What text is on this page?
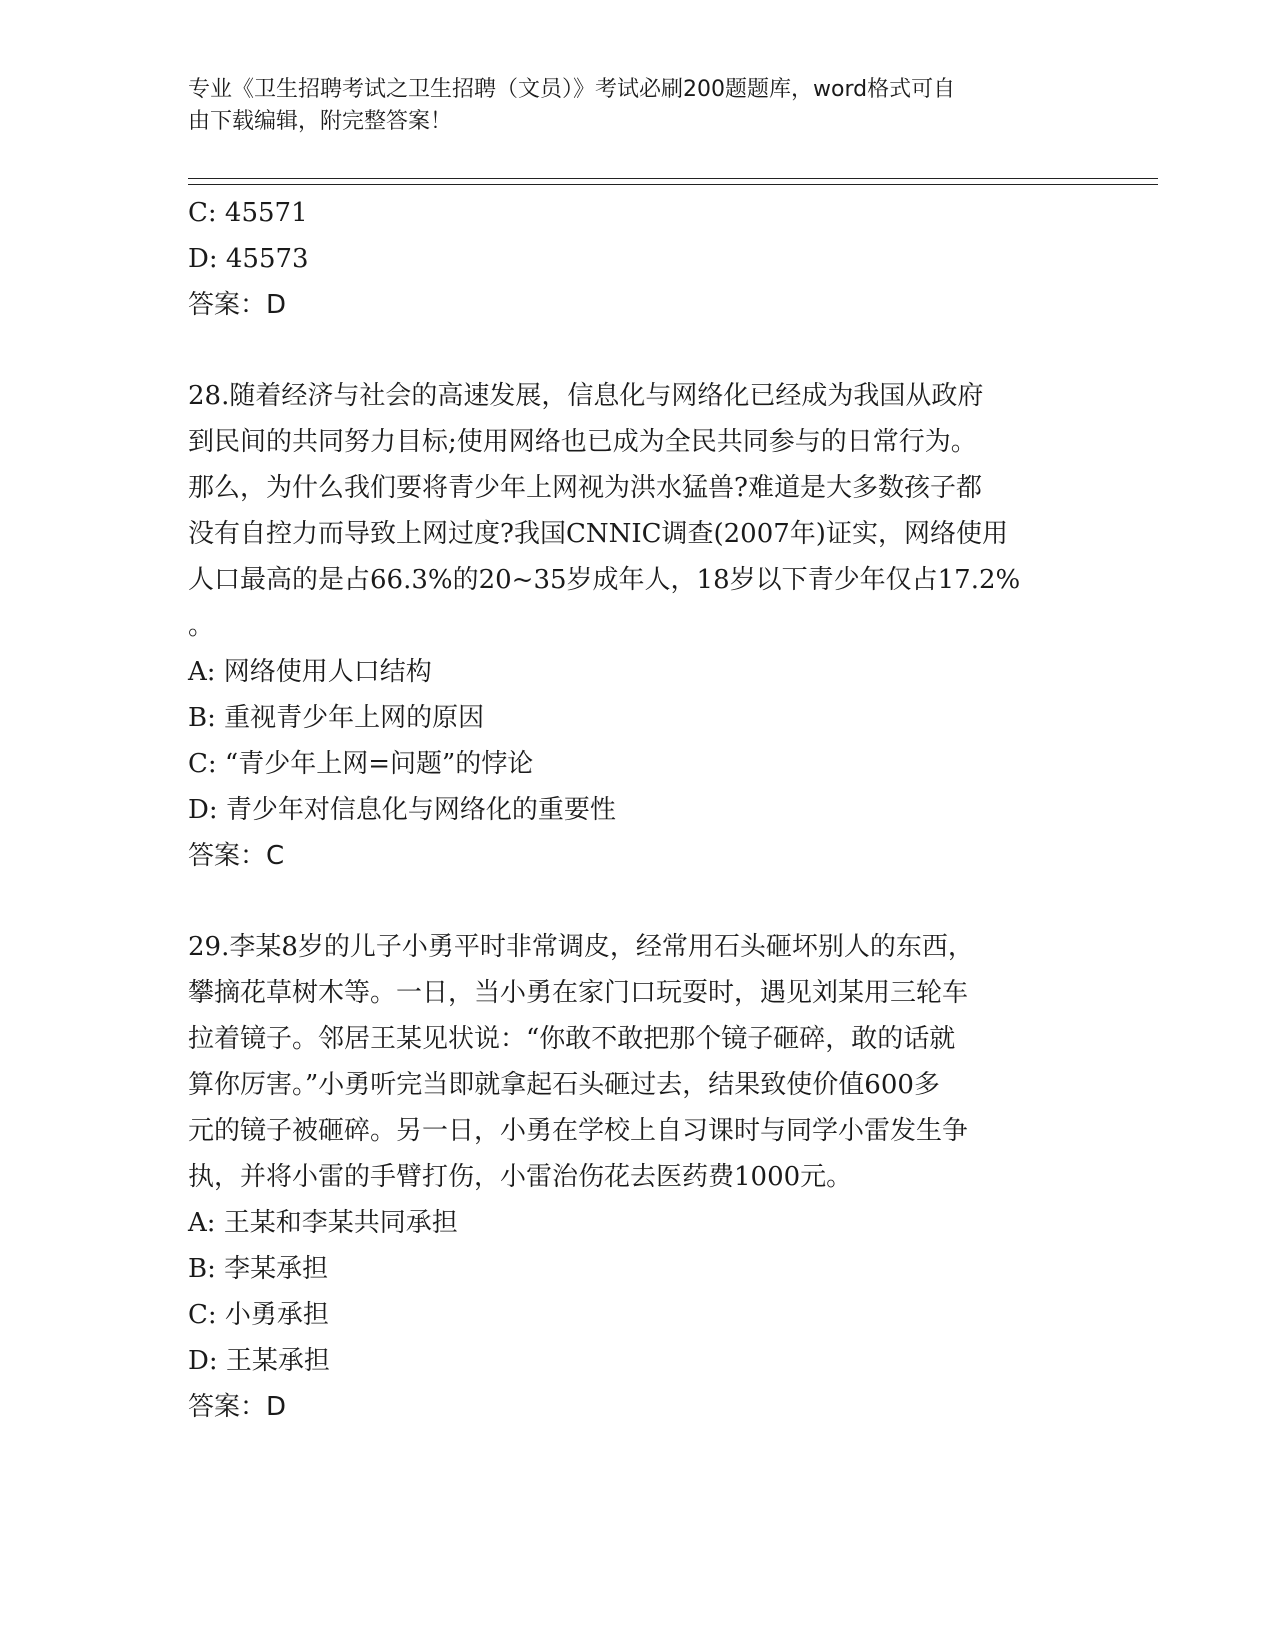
专业《卫生招聘考试之卫生招聘（文员）》考试必刷200题题库，word格式可自
由下载编辑，附完整答案！
C: 45571
D: 45573
答案：D
28.随着经济与社会的高速发展，信息化与网络化已经成为我国从政府
到民间的共同努力目标;使用网络也已成为全民共同参与的日常行为。
那么，为什么我们要将青少年上网视为洪水猛兽?难道是大多数孩子都
没有自控力而导致上网过度?我国CNNIC调查(2007年)证实，网络使用
人口最高的是占66.3%的20~35岁成年人，18岁以下青少年仅占17.2%
。
A: 网络使用人口结构
B: 重视青少年上网的原因
C: “青少年上网=问题”的悖论
D: 青少年对信息化与网络化的重要性
答案：C
29.李某8岁的儿子小勇平时非常调皮，经常用石头砸坏别人的东西，
攀摘花草树木等。一日，当小勇在家门口玩耍时，遇见刘某用三轮车
拉着镜子。邻居王某见状说：“你敢不敢把那个镜子砸碎，敢的话就
算你厉害。”小勇听完当即就拿起石头砸过去，结果致使价值600多
元的镜子被砸碎。另一日，小勇在学校上自习课时与同学小雷发生争
执，并将小雷的手臂打伤，小雷治伤花去医药费1000元。
A: 王某和李某共同承担
B: 李某承担
C: 小勇承担
D: 王某承担
答案：D
